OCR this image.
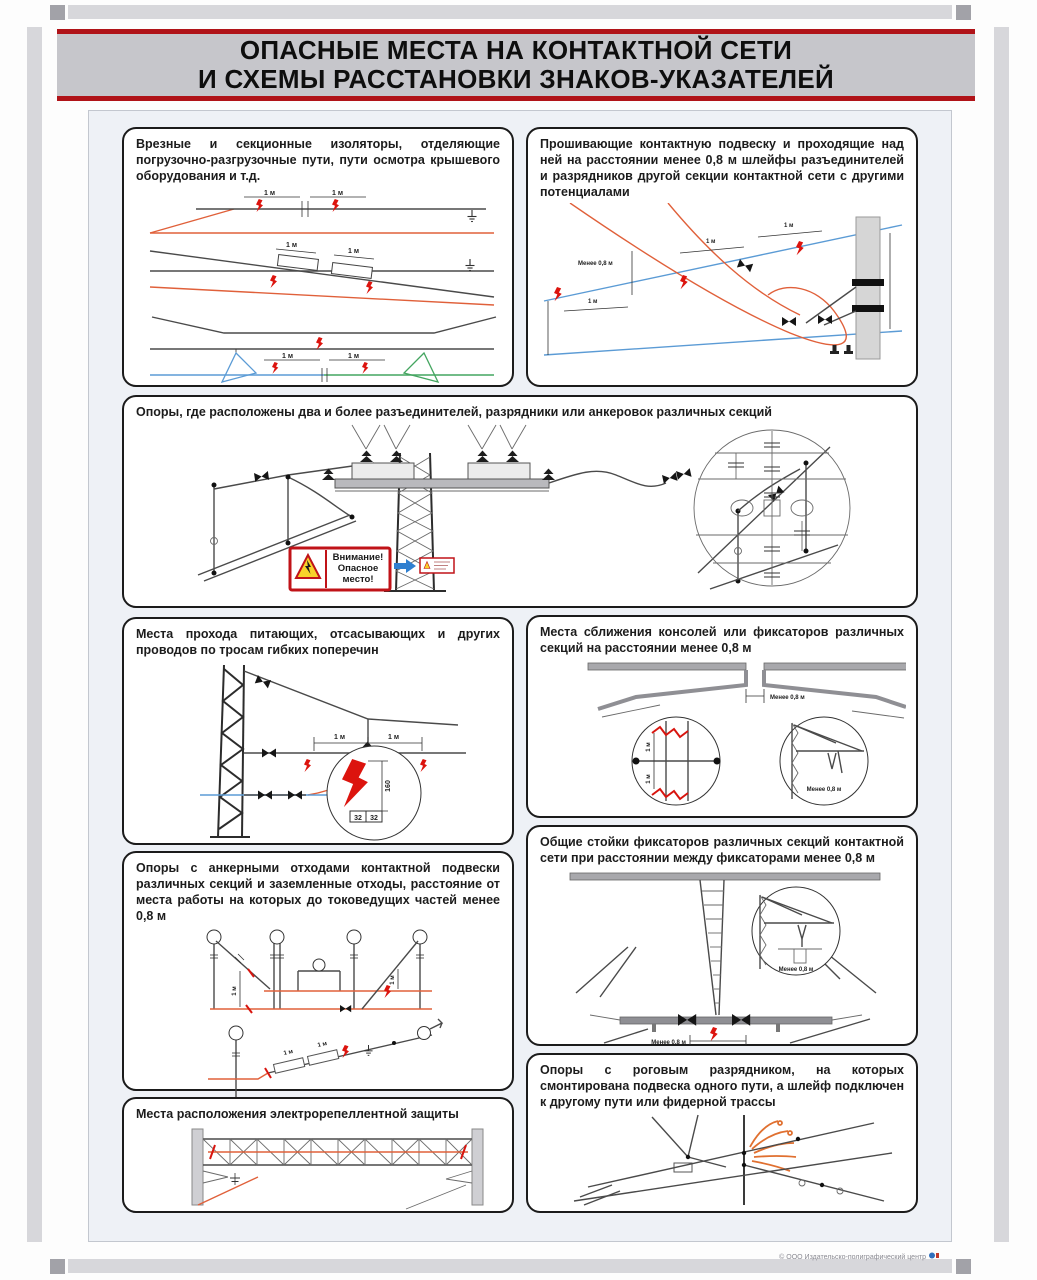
ОПАСНЫЕ МЕСТА НА КОНТАКТНОЙ СЕТИ
И СХЕМЫ РАССТАНОВКИ ЗНАКОВ-УКАЗАТЕЛЕЙ
Врезные и секционные изоляторы, отделяющие погрузочно-разгрузочные пути, пути осмотра крышевого оборудования и т.д.
1 м	1 м
1 м
1 м
1 м	1 м
Прошивающие контактную подвеску и проходящие над ней на расстоянии менее 0,8 м шлейфы разъединителей и разрядников другой секции контактной сети с другими потенциалами
Менее 0,8 м
1 м
1 м
1 м
Опоры, где расположены два и более разъединителей, разрядники или анкеровок различных секций
Внимание!
Опасное
место!
Места прохода питающих, отсасывающих и других проводов по тросам гибких поперечин
1 м	1 м
160
32 32
Места сближения консолей или фиксаторов различных секций на расстоянии менее 0,8 м
Менее 0,8 м
1 м
1 м
Менее 0,8 м
Общие стойки фиксаторов различных секций контактной сети при расстоянии между фиксаторами менее 0,8 м
Менее 0,8 м
Менее 0,8 м
Опоры с анкерными отходами контактной подвески различных секций и заземленные отходы, расстояние от места работы на которых до токоведущих частей менее 0,8 м
1 м
1 м
1 м
1 м
Места расположения электрорепеллентной защиты
Опоры с роговым разрядником, на которых смонтирована подвеска одного пути, а шлейф подключен к другому пути или фидерной трассы
© ООО Издательско-полиграфический центр
